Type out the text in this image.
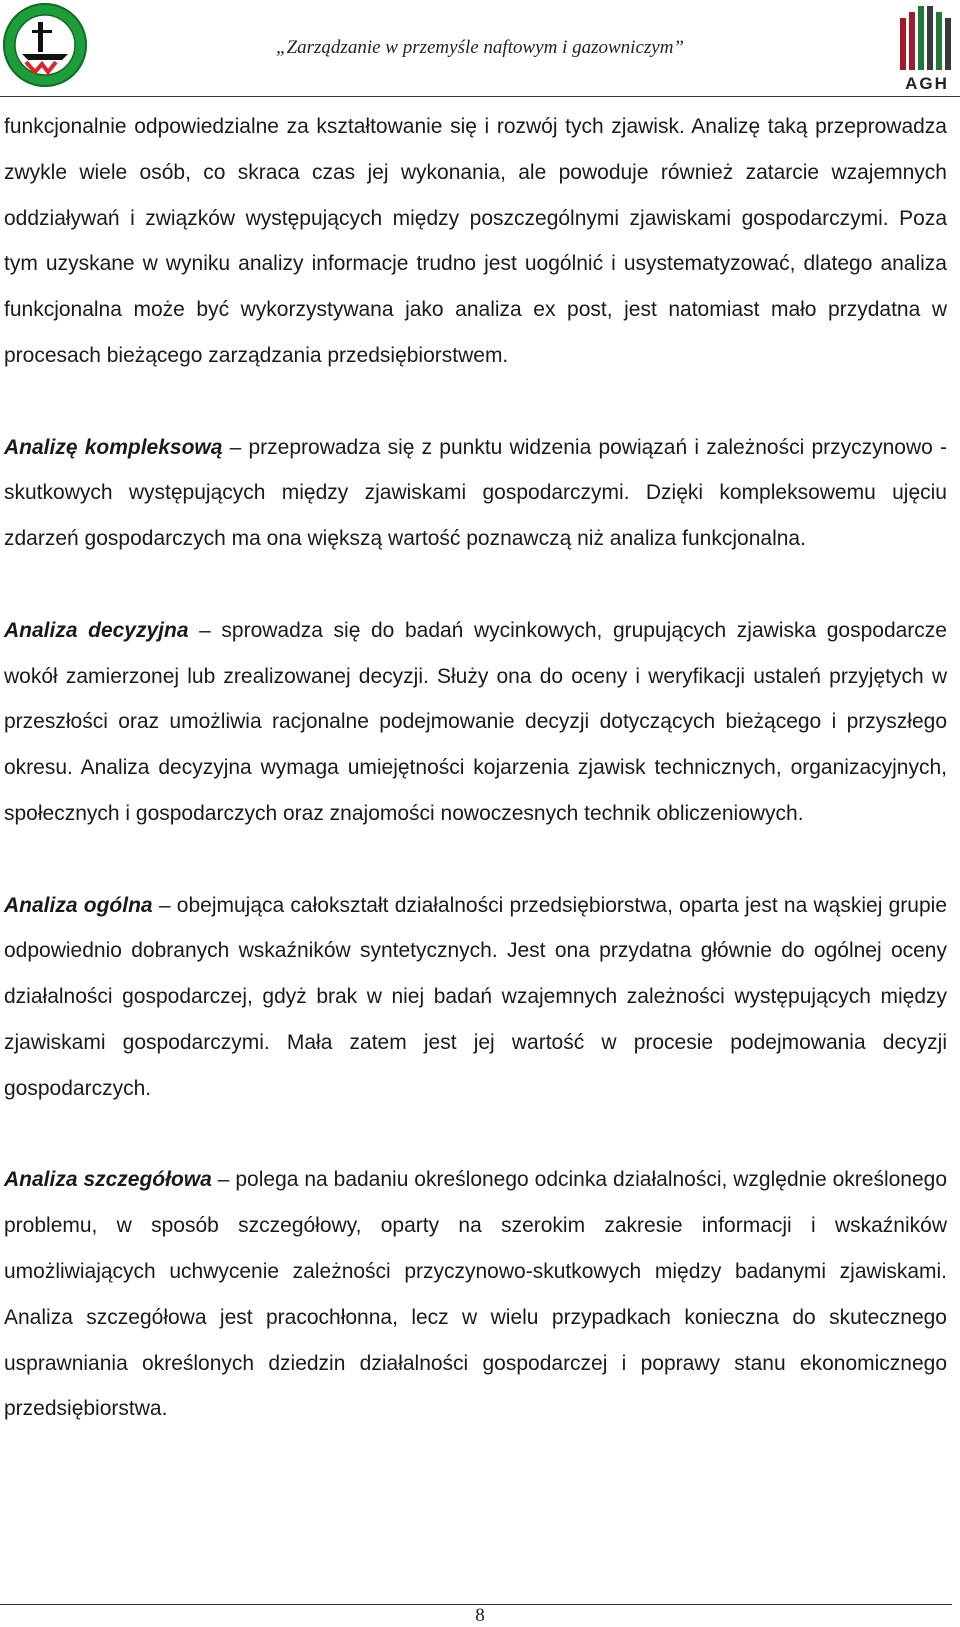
„Zarządzanie w przemyśle naftowym i gazowniczym”
AGH

funkcjonalnie odpowiedzialne za kształtowanie się i rozwój tych zjawisk. Analizę taką przeprowadza zwykle wiele osób, co skraca czas jej wykonania, ale powoduje również zatarcie wzajemnych oddziaływań i związków występujących między poszczególnymi zjawiskami gospodarczymi. Poza tym uzyskane w wyniku analizy informacje trudno jest uogólnić i usystematyzować, dlatego analiza funkcjonalna może być wykorzystywana jako analiza ex post, jest natomiast mało przydatna w procesach bieżącego zarządzania przedsiębiorstwem.

Analizę kompleksową – przeprowadza się z punktu widzenia powiązań i zależności przyczynowo - skutkowych występujących między zjawiskami gospodarczymi. Dzięki kompleksowemu ujęciu zdarzeń gospodarczych ma ona większą wartość poznawczą niż analiza funkcjonalna.

Analiza decyzyjna – sprowadza się do badań wycinkowych, grupujących zjawiska gospodarcze wokół zamierzonej lub zrealizowanej decyzji. Służy ona do oceny i weryfikacji ustaleń przyjętych w przeszłości oraz umożliwia racjonalne podejmowanie decyzji dotyczących bieżącego i przyszłego okresu. Analiza decyzyjna wymaga umiejętności kojarzenia zjawisk technicznych, organizacyjnych, społecznych i gospodarczych oraz znajomości nowoczesnych technik obliczeniowych.

Analiza ogólna – obejmująca całokształt działalności przedsiębiorstwa, oparta jest na wąskiej grupie odpowiednio dobranych wskaźników syntetycznych. Jest ona przydatna głównie do ogólnej oceny działalności gospodarczej, gdyż brak w niej badań wzajemnych zależności występujących między zjawiskami gospodarczymi. Mała zatem jest jej wartość w procesie podejmowania decyzji gospodarczych.

Analiza szczegółowa – polega na badaniu określonego odcinka działalności, względnie określonego problemu, w sposób szczegółowy, oparty na szerokim zakresie informacji i wskaźników umożliwiających uchwycenie zależności przyczynowo-skutkowych między badanymi zjawiskami. Analiza szczegółowa jest pracochłonna, lecz w wielu przypadkach konieczna do skutecznego usprawniania określonych dziedzin działalności gospodarczej i poprawy stanu ekonomicznego przedsiębiorstwa.

8
